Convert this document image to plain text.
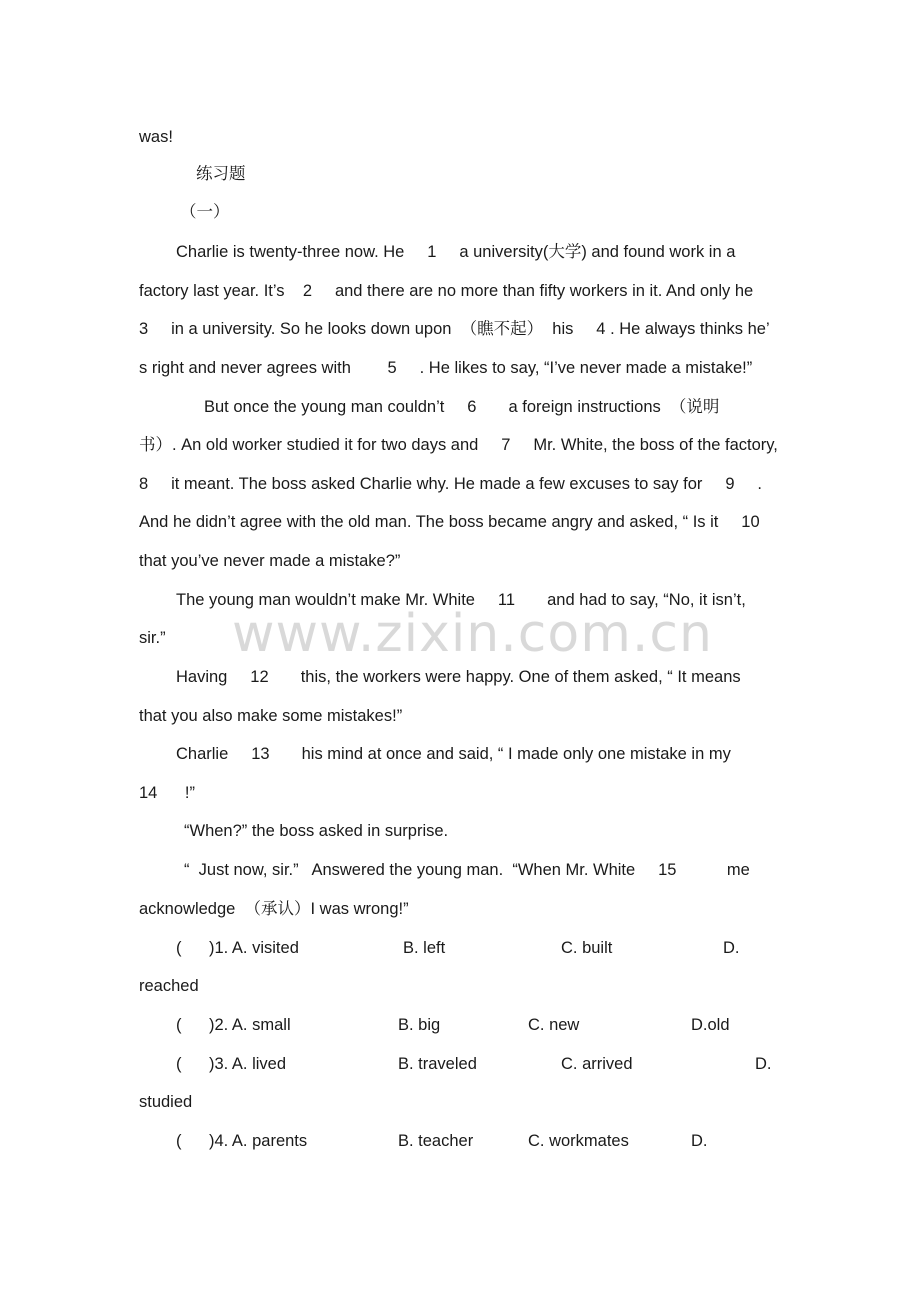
www.zixin.com.cn
was!
练习题
（一）
Charlie is twenty-three now. He     1     a university(大学) and found work in a
factory last year. It’s    2     and there are no more than fifty workers in it. And only he
3     in a university. So he looks down upon  （瞧不起）  his     4 . He always thinks he’
s right and never agrees with        5     . He likes to say, “I’ve never made a mistake!”
But once the young man couldn’t     6       a foreign instructions  （说明
书）. An old worker studied it for two days and     7     Mr. White, the boss of the factory,
8     it meant. The boss asked Charlie why. He made a few excuses to say for     9     .
And he didn’t agree with the old man. The boss became angry and asked, “ Is it     10
that you’ve never made a mistake?”
The young man wouldn’t make Mr. White     11       and had to say, “No, it isn’t,
sir.”
Having     12       this, the workers were happy. One of them asked, “ It means
that you also make some mistakes!”
Charlie     13       his mind at once and said, “ I made only one mistake in my
14      !”
“When?” the boss asked in surprise.
“  Just now, sir.”   Answered the young man.  “When Mr. White     15           me
acknowledge  （承认）I was wrong!”
(      )1. A. visited	B. left	C. built	D.
reached
(      )2. A. small	B. big	C. new	D.old
(      )3. A. lived	B. traveled	C. arrived	D.
studied
(      )4. A. parents	B. teacher	C. workmates	D.
